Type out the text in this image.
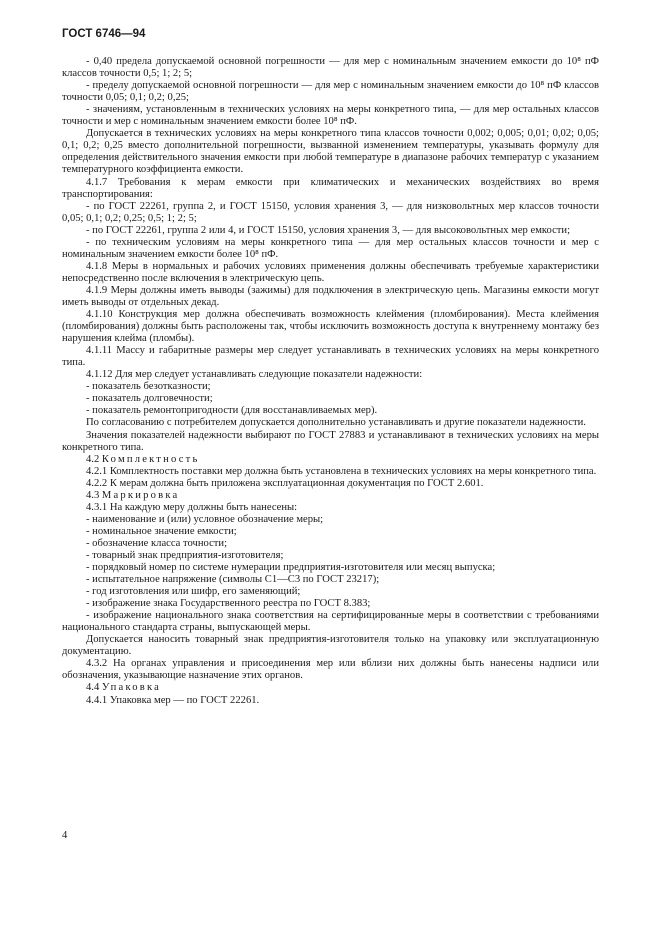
ГОСТ 6746—94

- 0,40 предела допускаемой основной погрешности — для мер с номинальным значением емкости до 10⁸ пФ классов точности 0,5; 1; 2; 5;

- пределу допускаемой основной погрешности — для мер с номинальным значением емкости до 10⁸ пФ классов точности 0,05; 0,1; 0,2; 0,25;

- значениям, установленным в технических условиях на меры конкретного типа, — для мер остальных классов точности и мер с номинальным значением емкости более 10⁸ пФ.

Допускается в технических условиях на меры конкретного типа классов точности 0,002; 0,005; 0,01; 0,02; 0,05; 0,1; 0,2; 0,25 вместо дополнительной погрешности, вызванной изменением температуры, указывать формулу для определения действительного значения емкости при любой температуре в диапазоне рабочих температур с указанием температурного коэффициента емкости.

4.1.7 Требования к мерам емкости при климатических и механических воздействиях во время транспортирования:

- по ГОСТ 22261, группа 2, и ГОСТ 15150, условия хранения 3, — для низковольтных мер классов точности 0,05; 0,1; 0,2; 0,25; 0,5; 1; 2; 5;

- по ГОСТ 22261, группа 2 или 4, и ГОСТ 15150, условия хранения 3, — для высоковольтных мер емкости;

- по техническим условиям на меры конкретного типа — для мер остальных классов точности и мер с номинальным значением емкости более 10⁸ пФ.

4.1.8 Меры в нормальных и рабочих условиях применения должны обеспечивать требуемые характеристики непосредственно после включения в электрическую цепь.

4.1.9 Меры должны иметь выводы (зажимы) для подключения в электрическую цепь. Магазины емкости могут иметь выводы от отдельных декад.

4.1.10 Конструкция мер должна обеспечивать возможность клеймения (пломбирования). Места клеймения (пломбирования) должны быть расположены так, чтобы исключить возможность доступа к внутреннему монтажу без нарушения клейма (пломбы).

4.1.11 Массу и габаритные размеры мер следует устанавливать в технических условиях на меры конкретного типа.

4.1.12 Для мер следует устанавливать следующие показатели надежности:

- показатель безотказности;

- показатель долговечности;

- показатель ремонтопригодности (для восстанавливаемых мер).

По согласованию с потребителем допускается дополнительно устанавливать и другие показатели надежности.

Значения показателей надежности выбирают по ГОСТ 27883 и устанавливают в технических условиях на меры конкретного типа.

4.2 Комплектность

4.2.1 Комплектность поставки мер должна быть установлена в технических условиях на меры конкретного типа.

4.2.2 К мерам должна быть приложена эксплуатационная документация по ГОСТ 2.601.

4.3 Маркировка

4.3.1 На каждую меру должны быть нанесены:

- наименование и (или) условное обозначение меры;

- номинальное значение емкости;

- обозначение класса точности;

- товарный знак предприятия-изготовителя;

- порядковый номер по системе нумерации предприятия-изготовителя или месяц выпуска;

- испытательное напряжение (символы С1—С3 по ГОСТ 23217);

- год изготовления или шифр, его заменяющий;

- изображение знака Государственного реестра по ГОСТ 8.383;

- изображение национального знака соответствия на сертифицированные меры в соответствии с требованиями национального стандарта страны, выпускающей меры.

Допускается наносить товарный знак предприятия-изготовителя только на упаковку или эксплуатационную документацию.

4.3.2 На органах управления и присоединения мер или вблизи них должны быть нанесены надписи или обозначения, указывающие назначение этих органов.

4.4 Упаковка

4.4.1 Упаковка мер — по ГОСТ 22261.

4
